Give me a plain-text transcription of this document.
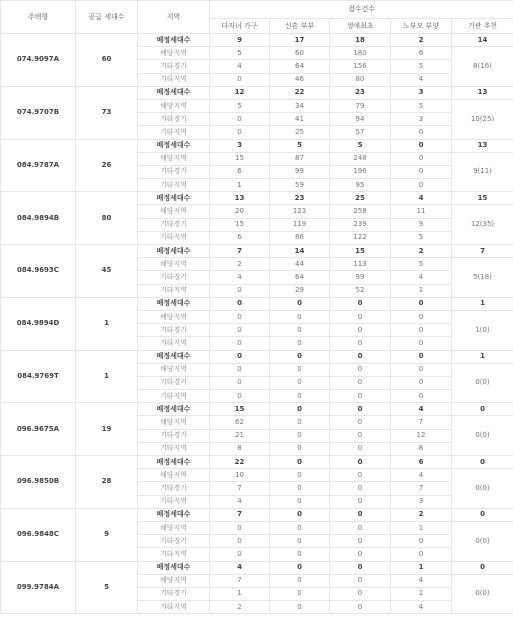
주택형	공급 세대수	지역	접수건수				
			다자녀 가구	신혼 부부	생애최초	노부모 부양	기관 추천
074.9097A	60	배정세대수	9	17	18	2	14
		해당지역	5	60	180	6	8(16)
		기타경기	4	64	156	5	
		기타지역	0	46	80	4	
074.9707B	73	배정세대수	12	22	23	3	13
		해당지역	5	34	79	5	10(25)
		기타경기	0	41	94	3	
		기타지역	0	25	57	0	
084.9787A	26	배정세대수	3	5	5	0	13
		해당지역	15	87	248	0	9(11)
		기타경기	6	99	196	0	
		기타지역	1	59	95	0	
084.9894B	80	배정세대수	13	23	25	4	15
		해당지역	20	123	258	11	12(35)
		기타경기	15	119	239	9	
		기타지역	6	86	122	5	
084.9693C	45	배정세대수	7	14	15	2	7
		해당지역	2	44	113	5	5(18)
		기타경기	4	64	99	4	
		기타지역	0	29	52	1	
084.9894D	1	배정세대수	0	0	0	0	1
		해당지역	0	0	0	0	1(0)
		기타경기	0	0	0	0	
		기타지역	0	0	0	0	
084.9769T	1	배정세대수	0	0	0	0	1
		해당지역	0	0	0	0	0(0)
		기타경기	0	0	0	0	
		기타지역	0	0	0	0	
096.9675A	19	배정세대수	15	0	0	4	0
		해당지역	62	0	0	7	0(0)
		기타경기	21	0	0	12	
		기타지역	8	0	0	8	
096.9850B	28	배정세대수	22	0	0	6	0
		해당지역	10	0	0	4	0(0)
		기타경기	7	0	0	7	
		기타지역	4	0	0	3	
096.9848C	9	배정세대수	7	0	0	2	0
		해당지역	0	0	0	1	0(0)
		기타경기	0	0	0	0	
		기타지역	0	0	0	0	
099.9784A	5	배정세대수	4	0	0	1	0
		해당지역	7	0	0	4	0(0)
		기타경기	1	0	0	1	
		기타지역	2	0	0	4	
